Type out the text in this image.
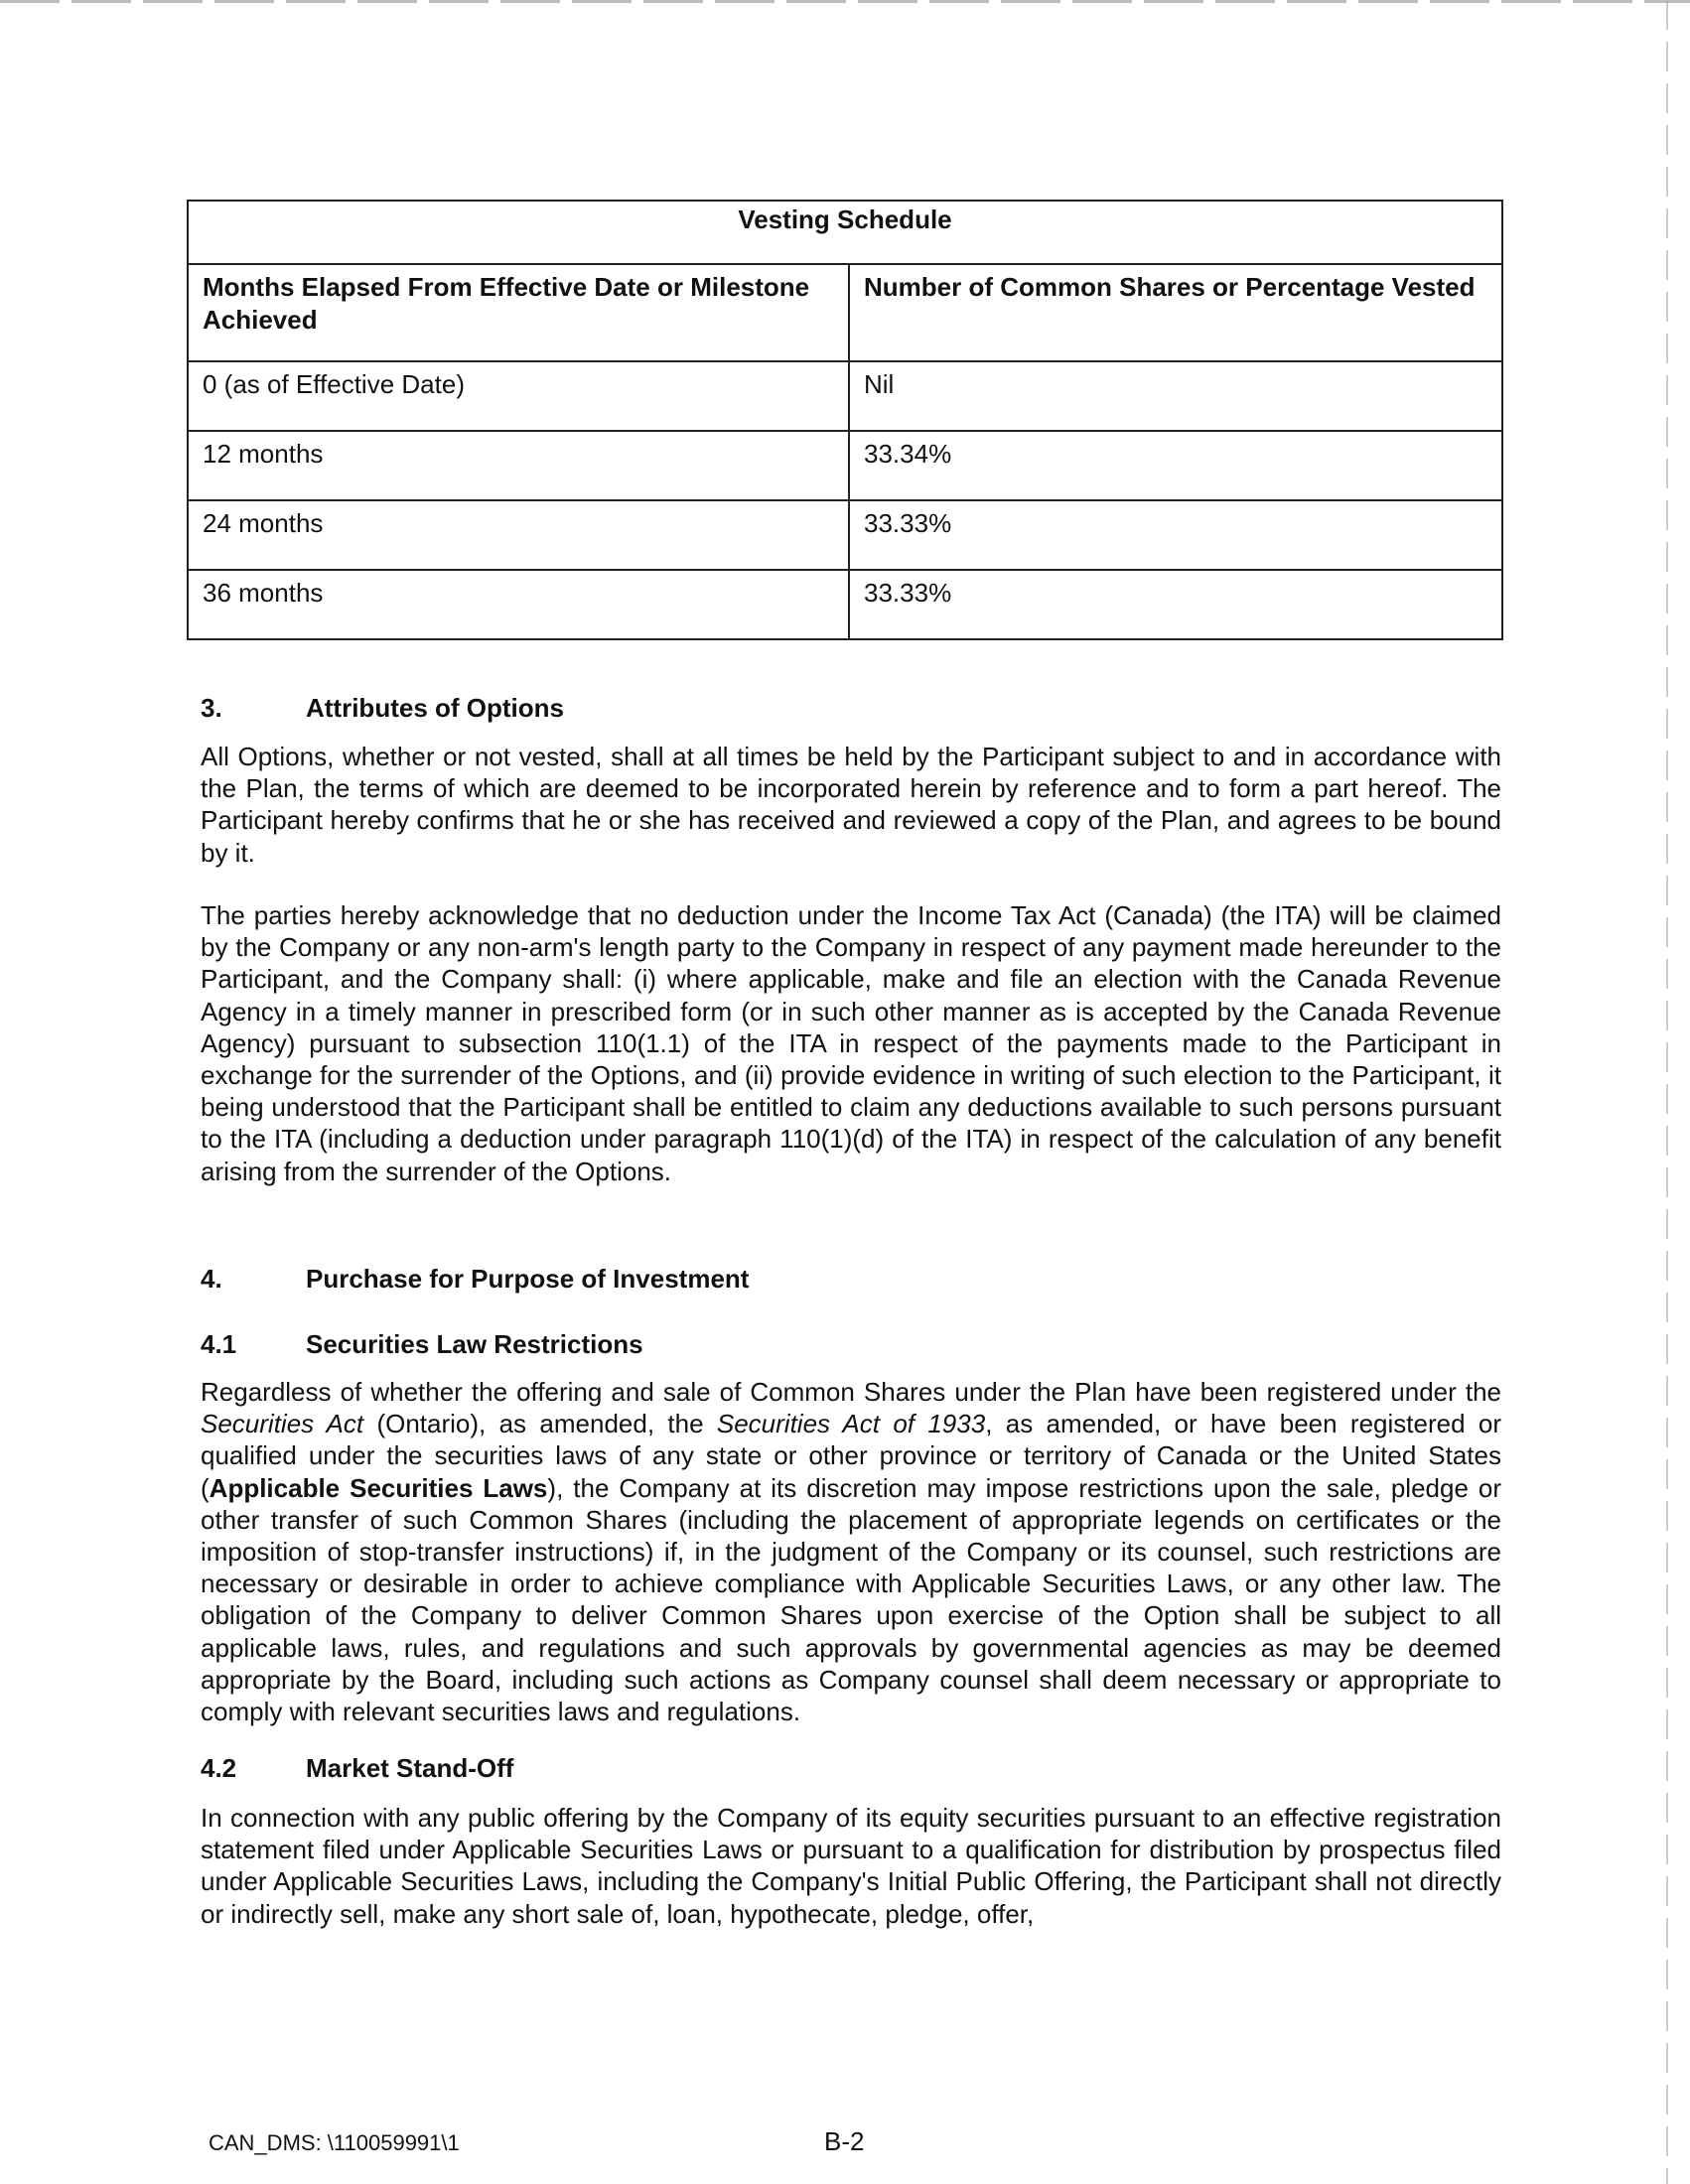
Vesting Schedule	
Months Elapsed From Effective Date or Milestone Achieved	Number of Common Shares or Percentage Vested
0 (as of Effective Date)	Nil
12 months	33.34%
24 months	33.33%
36 months	33.33%
3.	Attributes of Options

All Options, whether or not vested, shall at all times be held by the Participant subject to and in accordance with the Plan, the terms of which are deemed to be incorporated herein by reference and to form a part hereof. The Participant hereby confirms that he or she has received and reviewed a copy of the Plan, and agrees to be bound by it.

The parties hereby acknowledge that no deduction under the Income Tax Act (Canada) (the ITA) will be claimed by the Company or any non-arm's length party to the Company in respect of any payment made hereunder to the Participant, and the Company shall: (i) where applicable, make and file an election with the Canada Revenue Agency in a timely manner in prescribed form (or in such other manner as is accepted by the Canada Revenue Agency) pursuant to subsection 110(1.1) of the ITA in respect of the payments made to the Participant in exchange for the surrender of the Options, and (ii) provide evidence in writing of such election to the Participant, it being understood that the Participant shall be entitled to claim any deductions available to such persons pursuant to the ITA (including a deduction under paragraph 110(1)(d) of the ITA) in respect of the calculation of any benefit arising from the surrender of the Options.

4.	Purchase for Purpose of Investment
4.1	Securities Law Restrictions

Regardless of whether the offering and sale of Common Shares under the Plan have been registered under the Securities Act (Ontario), as amended, the Securities Act of 1933, as amended, or have been registered or qualified under the securities laws of any state or other province or territory of Canada or the United States (Applicable Securities Laws), the Company at its discretion may impose restrictions upon the sale, pledge or other transfer of such Common Shares (including the placement of appropriate legends on certificates or the imposition of stop-transfer instructions) if, in the judgment of the Company or its counsel, such restrictions are necessary or desirable in order to achieve compliance with Applicable Securities Laws, or any other law. The obligation of the Company to deliver Common Shares upon exercise of the Option shall be subject to all applicable laws, rules, and regulations and such approvals by governmental agencies as may be deemed appropriate by the Board, including such actions as Company counsel shall deem necessary or appropriate to comply with relevant securities laws and regulations.

4.2	Market Stand-Off

In connection with any public offering by the Company of its equity securities pursuant to an effective registration statement filed under Applicable Securities Laws or pursuant to a qualification for distribution by prospectus filed under Applicable Securities Laws, including the Company's Initial Public Offering, the Participant shall not directly or indirectly sell, make any short sale of, loan, hypothecate, pledge, offer,

CAN_DMS: \110059991\1	B-2
